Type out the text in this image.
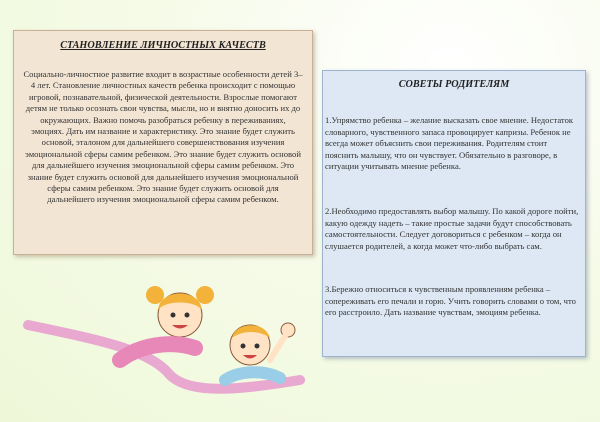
СТАНОВЛЕНИЕ ЛИЧНОСТНЫХ КАЧЕСТВ
Социально-личностное развитие входит в возрастные особенности детей 3–4 лет. Становление личностных качеств ребенка происходит с помощью игровой, познавательной, физической деятельности. Взрослые помогают детям не только осознать свои чувства, мысли, но и внятно доносить их до окружающих. Важно помочь разобраться ребенку в переживаниях, эмоциях. Дать им название и характеристику. Это знание будет служить основой, эталоном для дальнейшего совершенствования изучения эмоциональной сферы самим ребенком. Это знание будет служить основой для дальнейшего изучения эмоциональной сферы самим ребенком. Это знание будет служить основой для дальнейшего изучения эмоциональной сферы самим ребенком. Это знание будет служить основой для дальнейшего изучения эмоциональной сферы самим ребенком.
СОВЕТЫ РОДИТЕЛЯМ
1.Упрямство ребенка – желание высказать свое мнение. Недостаток словарного, чувственного запаса провоцирует капризы. Ребенок не всегда может объяснить свои переживания. Родителям стоит пояснить малышу, что он чувствует. Обязательно в разговоре, в ситуации учитывать мнение ребенка.
2.Необходимо предоставлять выбор малышу. По какой дороге пойти, какую одежду надеть – такие простые задачи будут способствовать самостоятельности. Следует договориться с ребенком – когда он слушается родителей, а когда может что-либо выбрать сам.
3.Бережно относиться к чувственным проявлениям ребенка – сопереживать его печали и горю. Учить говорить словами о том, что его расстроило. Дать название чувствам, эмоциям ребенка.
